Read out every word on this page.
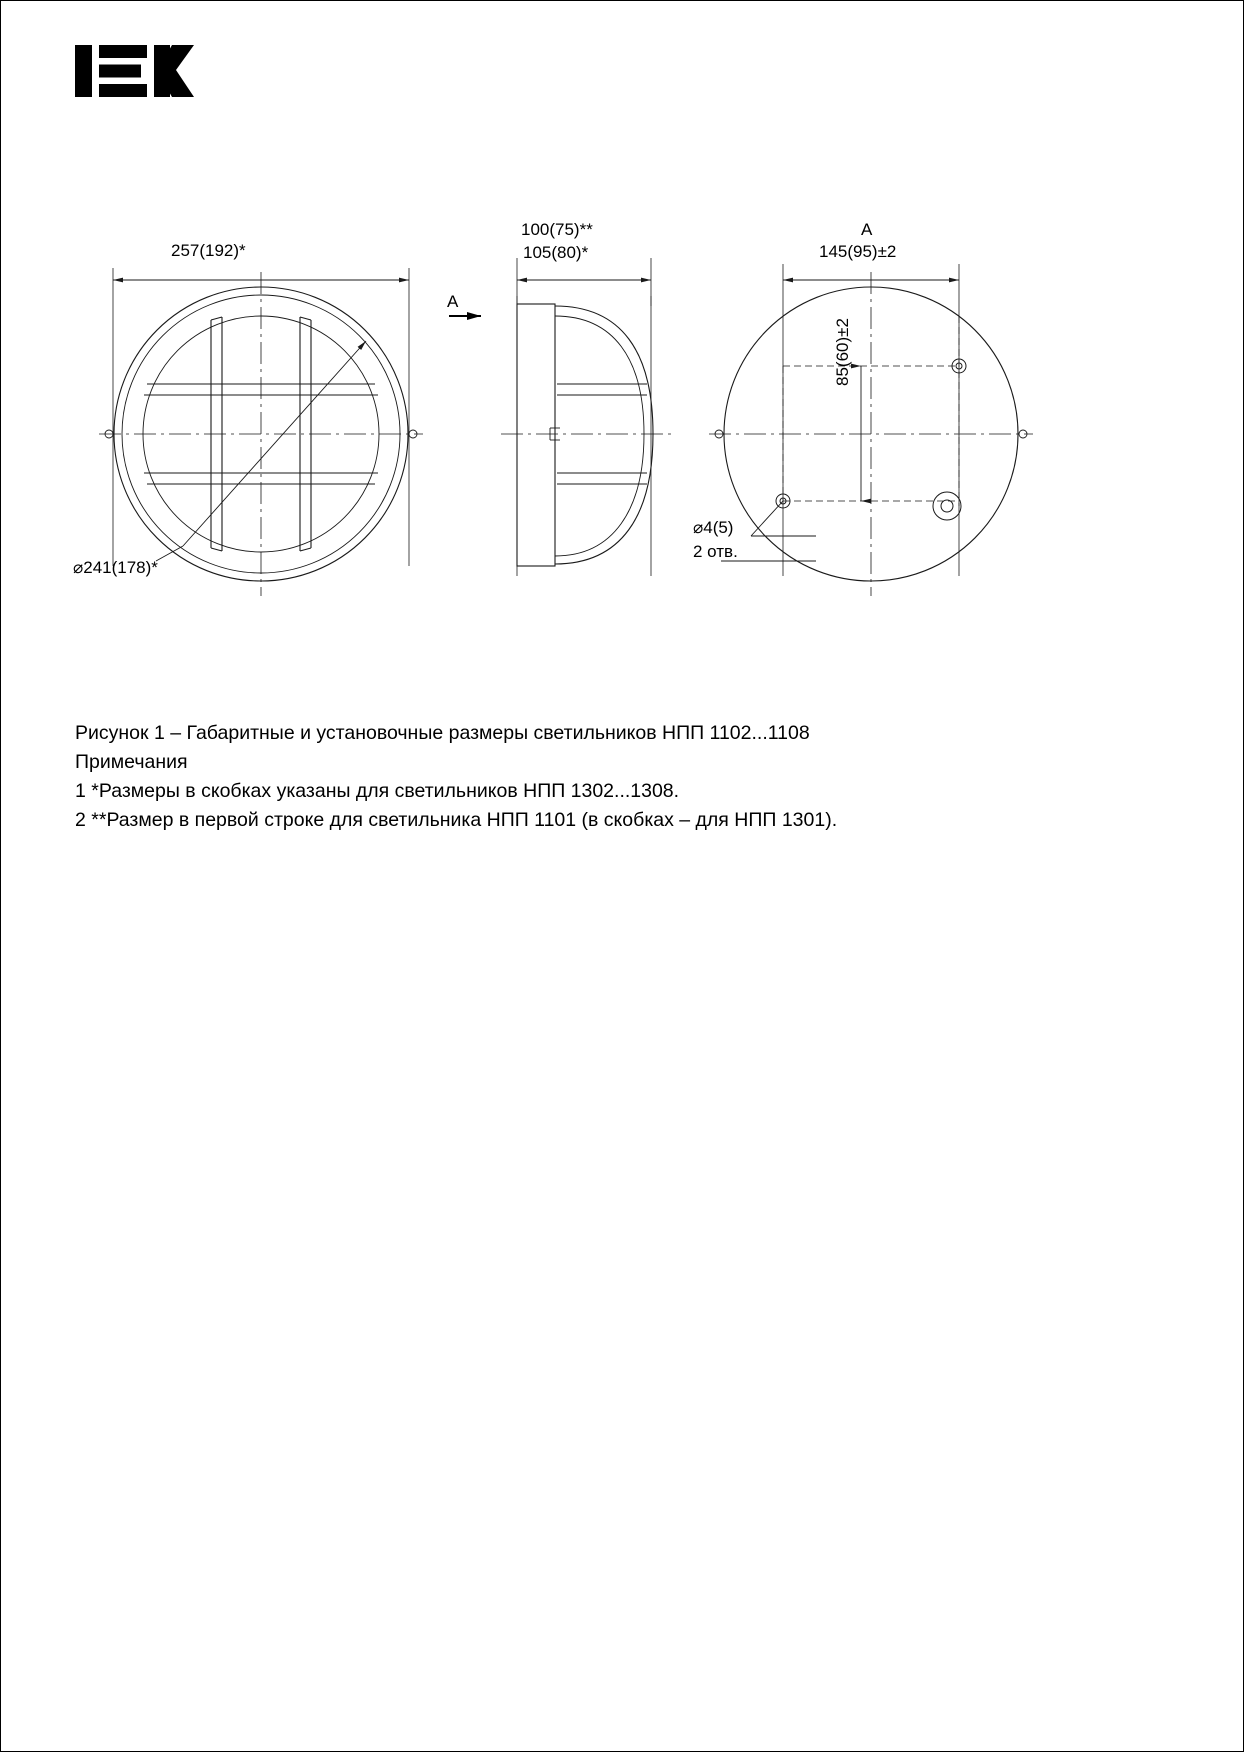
257(192)*
⌀241(178)*
A
100(75)**
105(80)*
A
145(95)±2
85(60)±2
⌀4(5)
2 отв.
Рисунок 1 – Габаритные и установочные размеры светильников НПП 1102...1108
Примечания
1 *Размеры в скобках указаны для светильников НПП 1302...1308.
2 **Размер в первой строке для светильника НПП 1101 (в скобках – для НПП 1301).
